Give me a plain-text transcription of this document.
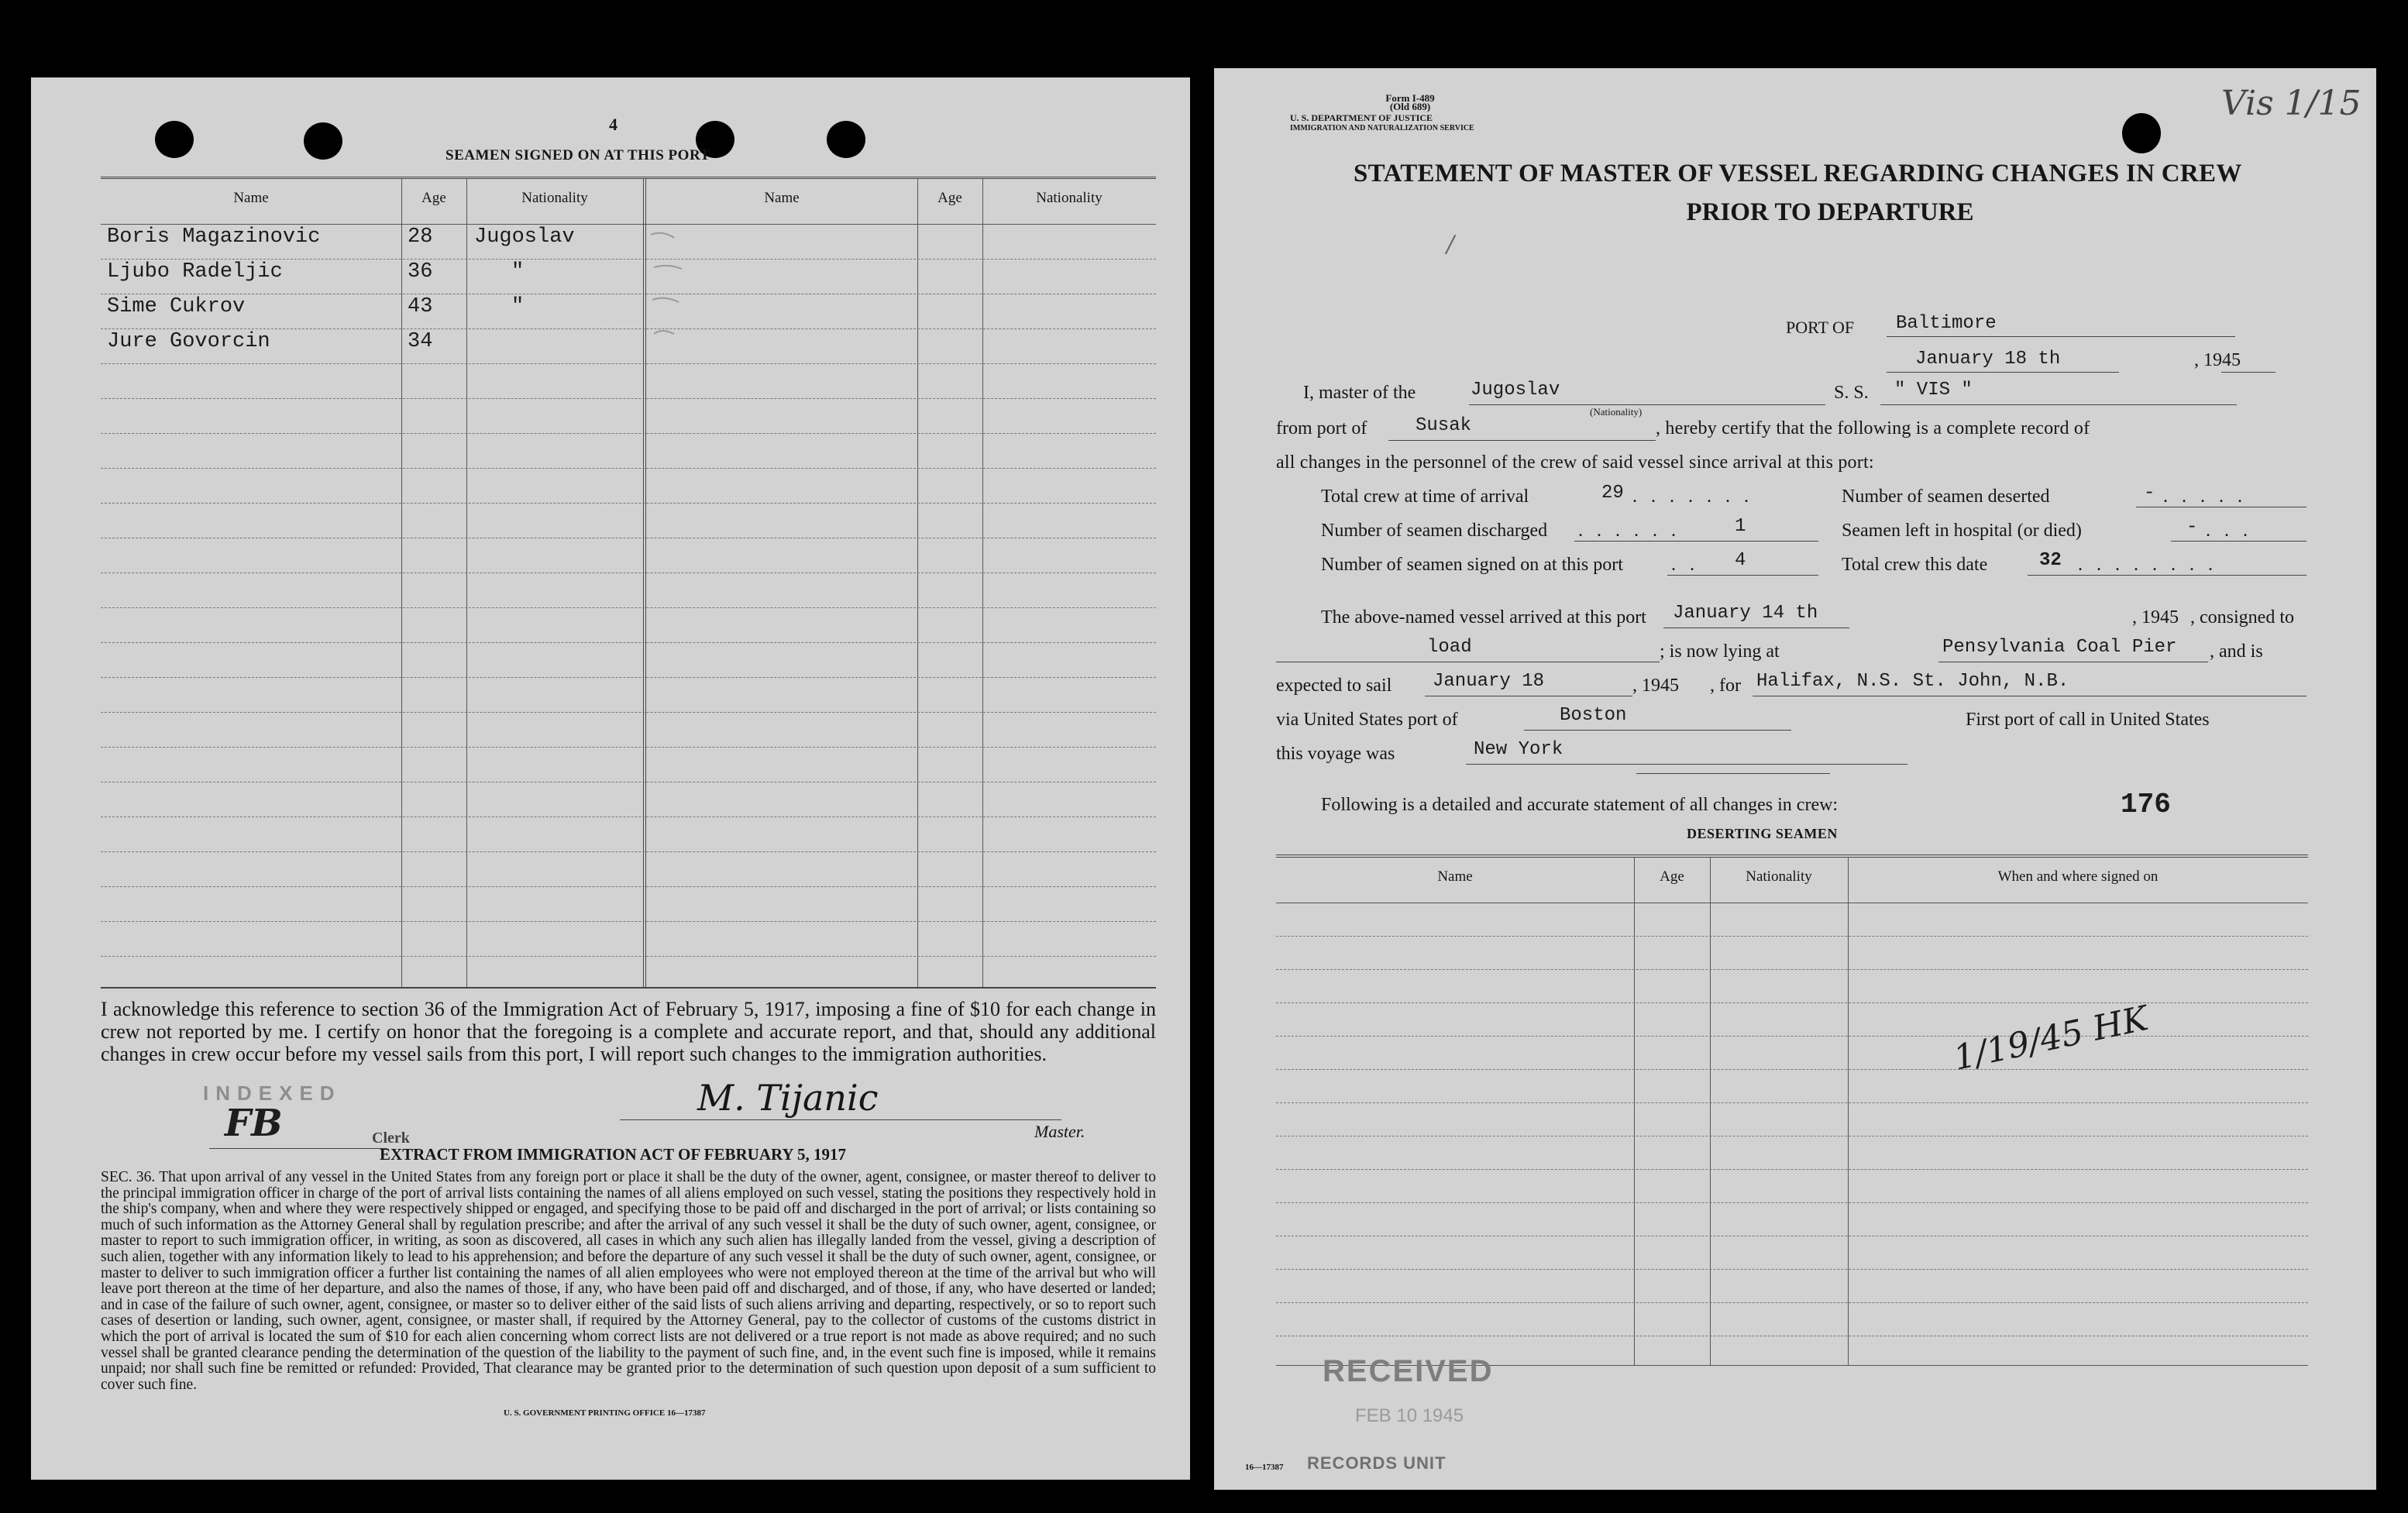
4
SEAMEN SIGNED ON AT THIS PORT
Name	Age	Nationality	Name	Age	Nationality
Boris Magazinovic	28 Jugoslav
Ljubo Radeljic	36	"
Sime Cukrov	43	"
Jure Govorcin	34
I acknowledge this reference to section 36 of the Immigration Act of February 5, 1917, imposing a fine of $10 for each change in crew not reported by me. I certify on honor that the foregoing is a complete and accurate report, and that, should any additional changes in crew occur before my vessel sails from this port, I will report such changes to the immigration authorities.
INDEXED
FB	Clerk
M. Tijanic
Master.
EXTRACT FROM IMMIGRATION ACT OF FEBRUARY 5, 1917
SEC. 36. That upon arrival of any vessel in the United States from any foreign port or place it shall be the duty of the owner, agent, consignee, or master thereof to deliver to the principal immigration officer in charge of the port of arrival lists containing the names of all aliens employed on such vessel, stating the positions they respectively hold in the ship's company, when and where they were respectively shipped or engaged, and specifying those to be paid off and discharged in the port of arrival; or lists containing so much of such information as the Attorney General shall by regulation prescribe; and after the arrival of any such vessel it shall be the duty of such owner, agent, consignee, or master to report to such immigration officer, in writing, as soon as discovered, all cases in which any such alien has illegally landed from the vessel, giving a description of such alien, together with any information likely to lead to his apprehension; and before the departure of any such vessel it shall be the duty of such owner, agent, consignee, or master to deliver to such immigration officer a further list containing the names of all alien employees who were not employed thereon at the time of the arrival but who will leave port thereon at the time of her departure, and also the names of those, if any, who have been paid off and discharged, and of those, if any, who have deserted or landed; and in case of the failure of such owner, agent, consignee, or master so to deliver either of the said lists of such aliens arriving and departing, respectively, or so to report such cases of desertion or landing, such owner, agent, consignee, or master shall, if required by the Attorney General, pay to the collector of customs of the customs district in which the port of arrival is located the sum of $10 for each alien concerning whom correct lists are not delivered or a true report is not made as above required; and no such vessel shall be granted clearance pending the determination of the question of the liability to the payment of such fine, and, in the event such fine is imposed, while it remains unpaid; nor shall such fine be remitted or refunded: Provided, That clearance may be granted prior to the determination of such question upon deposit of a sum sufficient to cover such fine.
U. S. GOVERNMENT PRINTING OFFICE 16—17387
Form I-489
(Old 689)
U. S. DEPARTMENT OF JUSTICE
IMMIGRATION AND NATURALIZATION SERVICE
Vis 1/15
STATEMENT OF MASTER OF VESSEL REGARDING CHANGES IN CREW
PRIOR TO DEPARTURE
/
PORT OF Baltimore
January 18 th	, 1945
I, master of the	Jugoslav
(Nationality)
S. S. " VIS "
from port of	Susak	, hereby certify that the following is a complete record of
all changes in the personnel of the crew of said vessel since arrival at this port:
Total crew at time of arrival	29 . . . . . . .	Number of seamen deserted	- . . . . .
Number of seamen discharged . . . . . .	1	Seamen left in hospital (or died)	- . . .
Number of seamen signed on at this port	. . 4	Total crew this date	32 . . . . . . . .
The above-named vessel arrived at this port January 14 th	, 1945 , consigned to
load	; is now lying at	Pensylvania Coal Pier , and is
expected to sail January 18	, 1945 , for Halifax, N.S. St. John, N.B.
via United States port of	Boston	First port of call in United States
this voyage was	New York
Following is a detailed and accurate statement of all changes in crew:	176
DESERTING SEAMEN
Name	Age	Nationality	When and where signed on
1/19/45 HK
RECEIVED
FEB 10 1945
RECORDS UNIT
16—17387
